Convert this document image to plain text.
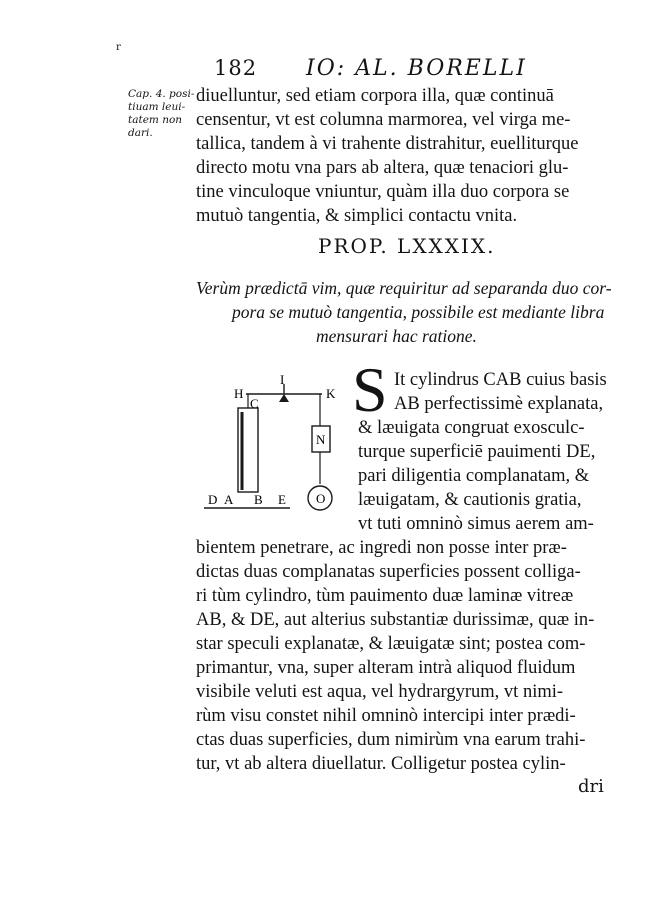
182 IO: AL. BORELLI
r
Cap. 4. posi-
tiuam leui-
tatem non
dari.
diuelluntur, sed etiam corpora illa, quæ continuā
censentur, vt est columna marmorea, vel virga me-
tallica, tandem à vi trahente distrahitur, euelliturque
directo motu vna pars ab altera, quæ tenaciori glu-
tine vinculoque vniuntur, quàm illa duo corpora se
mutuò tangentia, & simplici contactu vnita.
PROP. LXXXIX.
Verùm prædictā vim, quæ requiritur ad separanda duo cor-
pora se mutuò tangentia, possibile est mediante libra
mensurari hac ratione.
H
C
I
K
N
O
D A B E
S It cylindrus CAB cuius basis
AB perfectissimè explanata,
& læuigata congruat exosculc-
turque superficiē pauimenti DE,
pari diligentia complanatam, &
læuigatam, & cautionis gratia,
vt tuti omninò simus aerem am-
bientem penetrare, ac ingredi non posse inter præ-
dictas duas complanatas superficies possent colliga-
ri tùm cylindro, tùm pauimento duæ laminæ vitreæ
AB, & DE, aut alterius substantiæ durissimæ, quæ in-
star speculi explanatæ, & læuigatæ sint; postea com-
primantur, vna, super alteram intrà aliquod fluidum
visibile veluti est aqua, vel hydrargyrum, vt nimi-
rùm visu constet nihil omninò intercipi inter prædi-
ctas duas superficies, dum nimirùm vna earum trahi-
tur, vt ab altera diuellatur. Colligetur postea cylin-
dri
